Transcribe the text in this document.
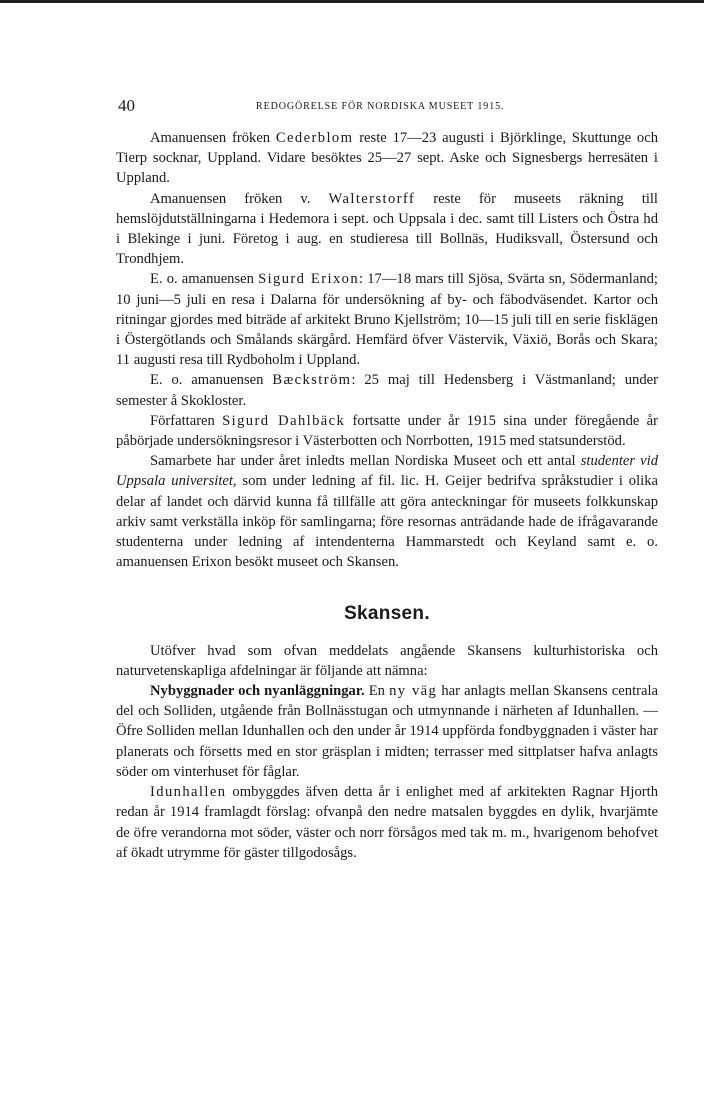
40	REDOGÖRELSE FÖR NORDISKA MUSEET 1915.

Amanuensen fröken Cederblom reste 17—23 augusti i Björklinge, Skuttunge och Tierp socknar, Uppland. Vidare besöktes 25—27 sept. Aske och Signesbergs herresäten i Uppland.

Amanuensen fröken v. Walterstorff reste för museets räkning till hemslöjdutställningarna i Hedemora i sept. och Uppsala i dec. samt till Listers och Östra hd i Blekinge i juni. Företog i aug. en studieresa till Bollnäs, Hudiksvall, Östersund och Trondhjem.

E. o. amanuensen Sigurd Erixon: 17—18 mars till Sjösa, Svärta sn, Södermanland; 10 juni—5 juli en resa i Dalarna för undersökning af by- och fäbodväsendet. Kartor och ritningar gjordes med biträde af arkitekt Bruno Kjellström; 10—15 juli till en serie fisklägen i Östergötlands och Smålands skärgård. Hemfärd öfver Västervik, Växiö, Borås och Skara; 11 augusti resa till Rydboholm i Uppland.

E. o. amanuensen Bæckström: 25 maj till Hedensberg i Västmanland; under semester å Skokloster.

Författaren Sigurd Dahlbäck fortsatte under år 1915 sina under föregående år påbörjade undersökningsresor i Västerbotten och Norrbotten, 1915 med statsunderstöd.

Samarbete har under året inledts mellan Nordiska Museet och ett antal studenter vid Uppsala universitet, som under ledning af fil. lic. H. Geijer bedrifva språkstudier i olika delar af landet och därvid kunna få tillfälle att göra anteckningar för museets folkkunskap arkiv samt verkställa inköp för samlingarna; före resornas anträdande hade de ifrågavarande studenterna under ledning af intendenterna Hammarstedt och Keyland samt e. o. amanuensen Erixon besökt museet och Skansen.

Skansen.

Utöfver hvad som ofvan meddelats angående Skansens kulturhistoriska och naturvetenskapliga afdelningar är följande att nämna:

Nybyggnader och nyanläggningar. En ny väg har anlagts mellan Skansens centrala del och Solliden, utgående från Bollnässtugan och utmynnande i närheten af Idunhallen. — Öfre Solliden mellan Idunhallen och den under år 1914 uppförda fondbyggnaden i väster har planerats och försetts med en stor gräsplan i midten; terrasser med sittplatser hafva anlagts söder om vinterhuset för fåglar.

Idunhallen ombyggdes äfven detta år i enlighet med af arkitekten Ragnar Hjorth redan år 1914 framlagdt förslag: ofvanpå den nedre matsalen byggdes en dylik, hvarjämte de öfre verandorna mot söder, väster och norr försågos med tak m. m., hvarigenom behofvet af ökadt utrymme för gäster tillgodosågs.
